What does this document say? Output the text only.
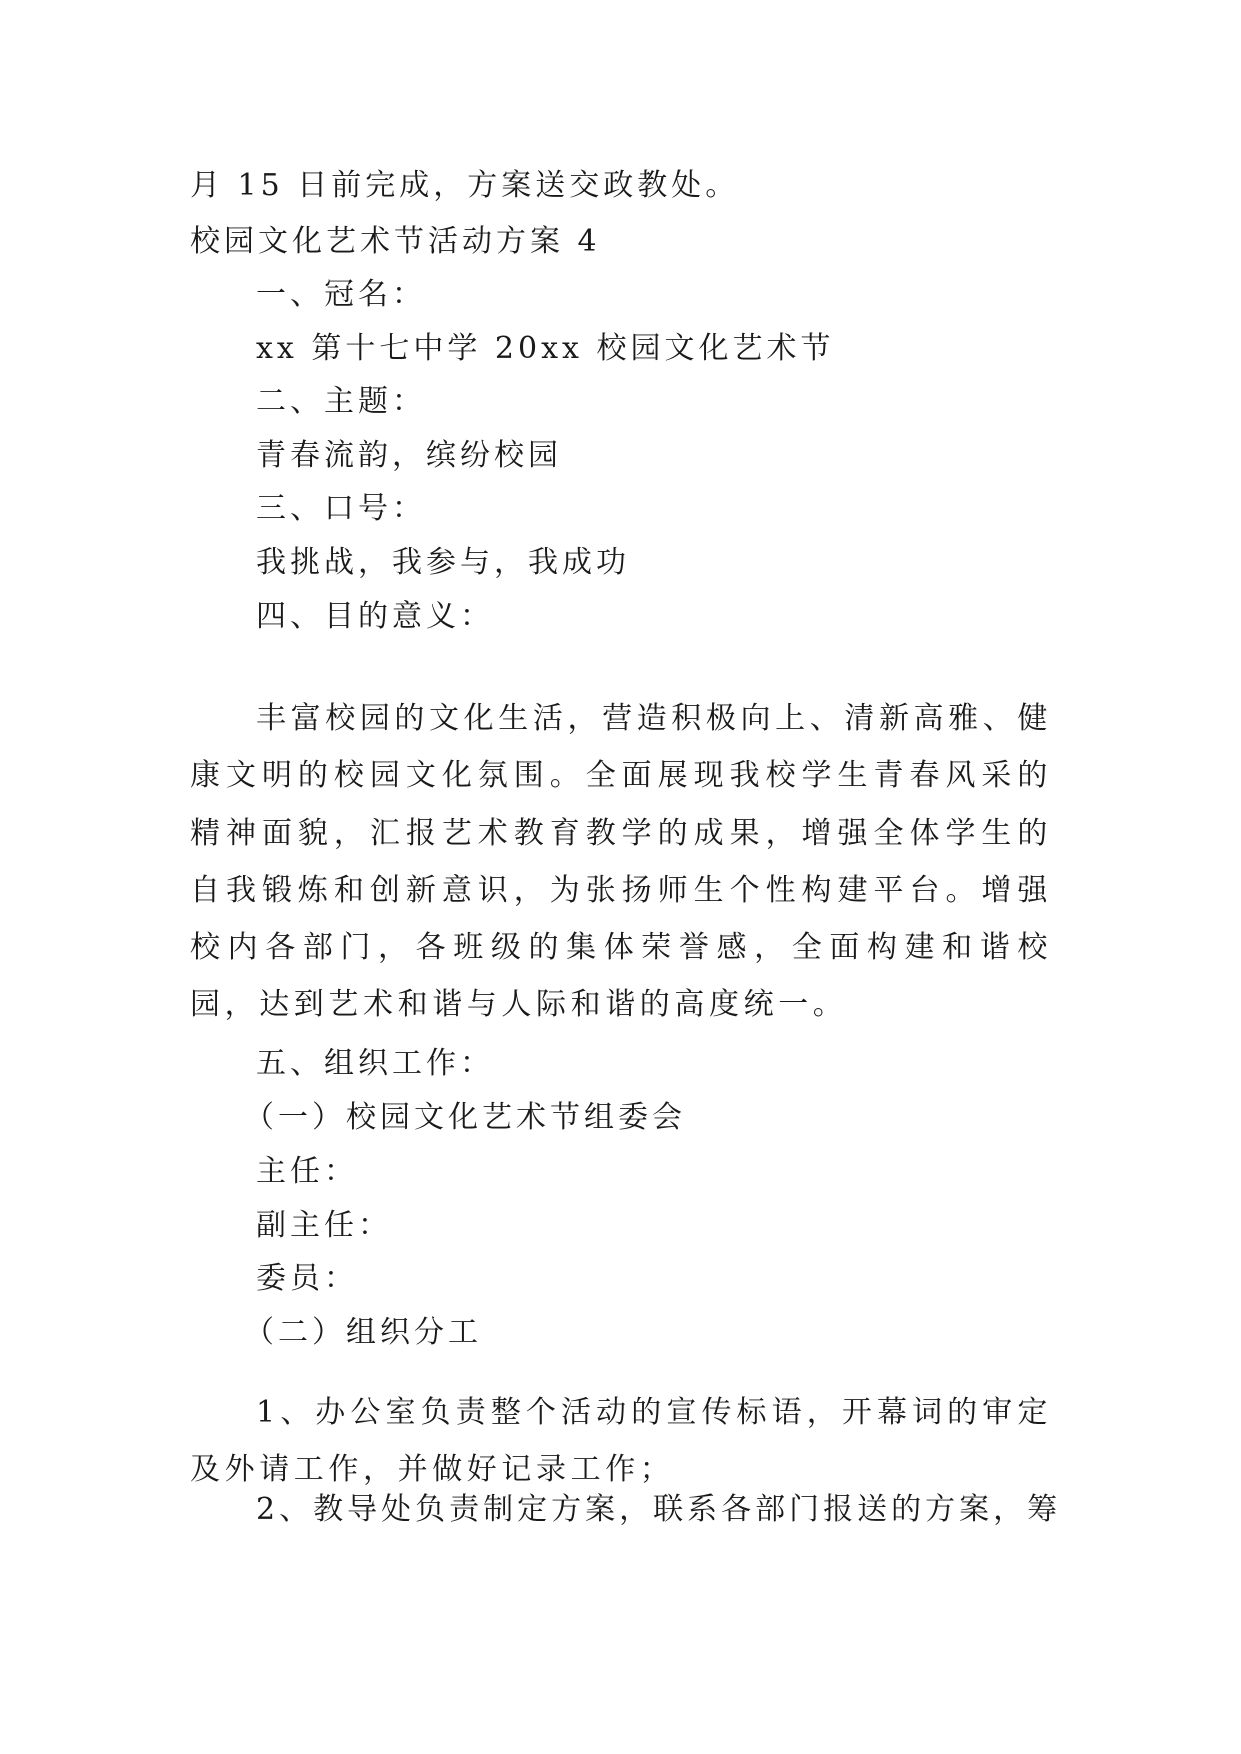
月 15 日前完成，方案送交政教处。
校园文化艺术节活动方案 4
一、冠名：
xx 第十七中学 20xx 校园文化艺术节
二、主题：
青春流韵，缤纷校园
三、口号：
我挑战，我参与，我成功
四、目的意义：

丰富校园的文化生活，营造积极向上、清新高雅、健康文明的校园文化氛围。全面展现我校学生青春风采的精神面貌，汇报艺术教育教学的成果，增强全体学生的自我锻炼和创新意识，为张扬师生个性构建平台。增强校内各部门，各班级的集体荣誉感，全面构建和谐校园，达到艺术和谐与人际和谐的高度统一。

五、组织工作：
（一）校园文化艺术节组委会
主任：
副主任：
委员：
（二）组织分工

1、办公室负责整个活动的宣传标语，开幕词的审定及外请工作，并做好记录工作；

2、教导处负责制定方案，联系各部门报送的方案，筹
